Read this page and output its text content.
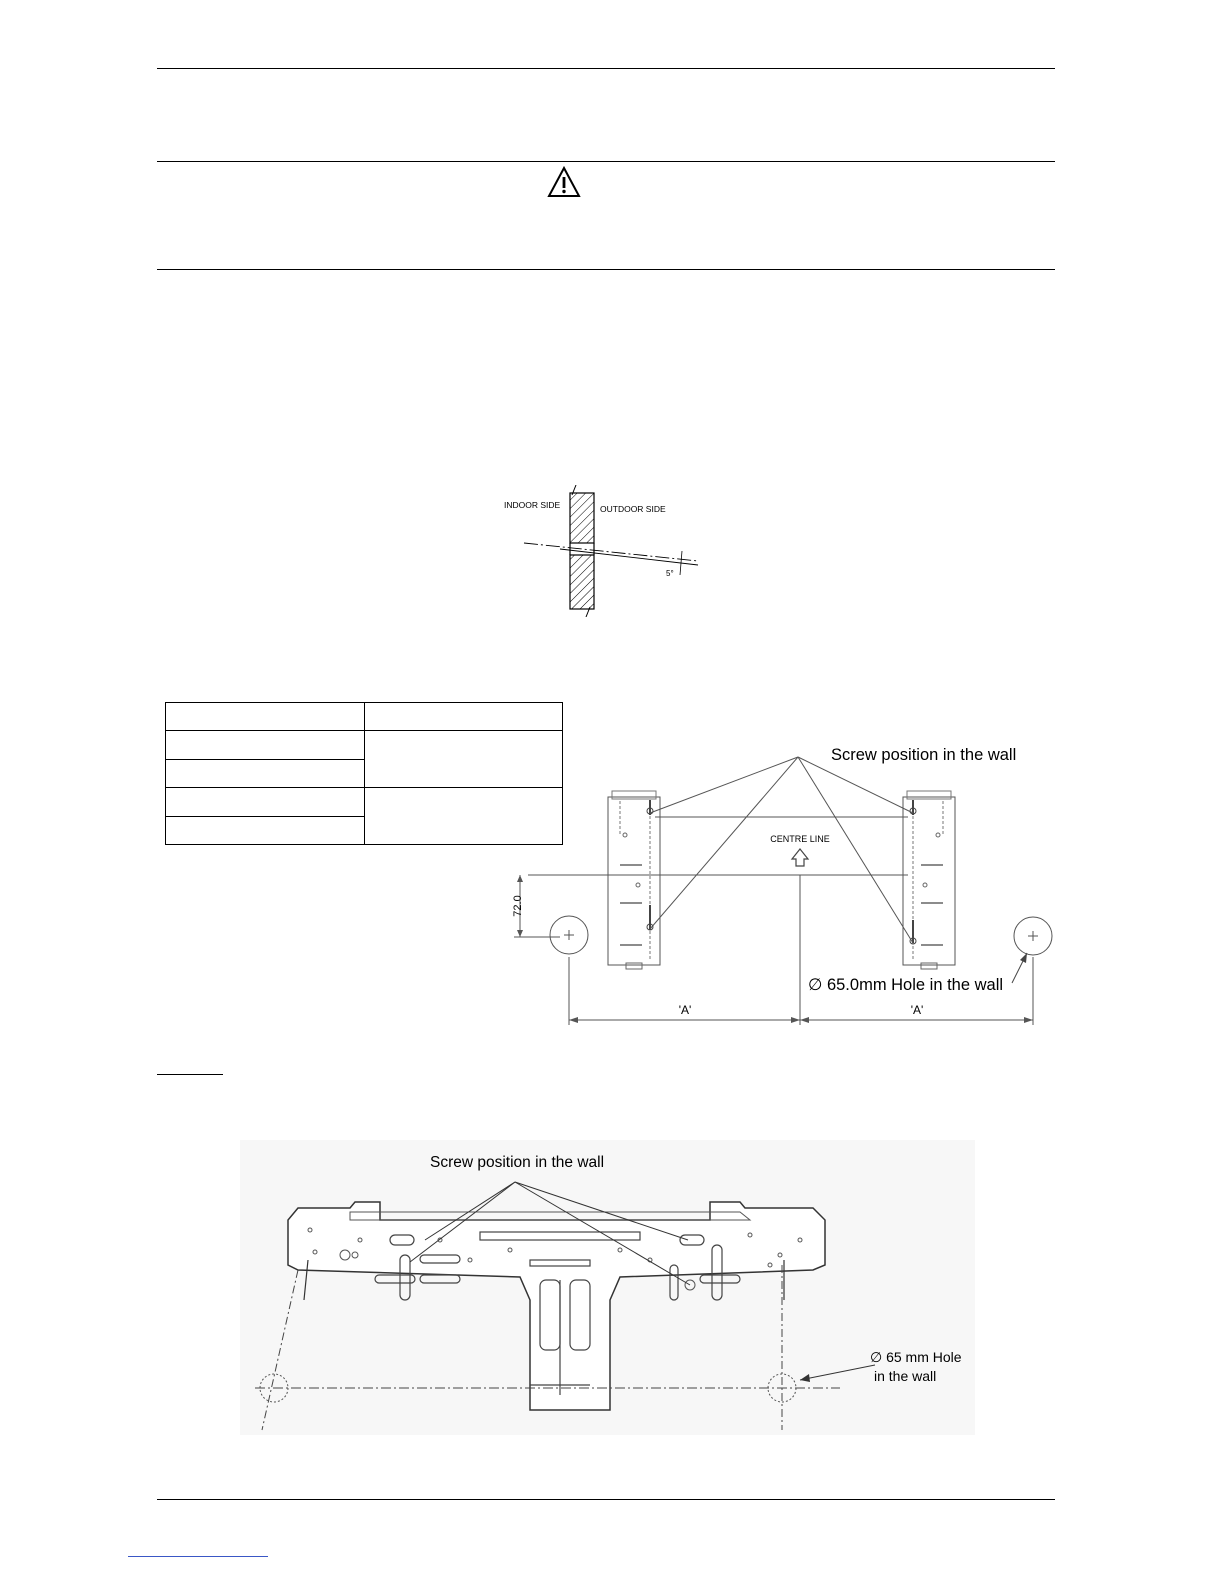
INDOOR SIDE	OUTDOOR SIDE
5°

CENTRE LINE
72.0
'A'	'A'
Screw position in the wall
∅ 65.0mm Hole in the wall
Screw position in the wall
∅ 65 mm Hole
in the wall
